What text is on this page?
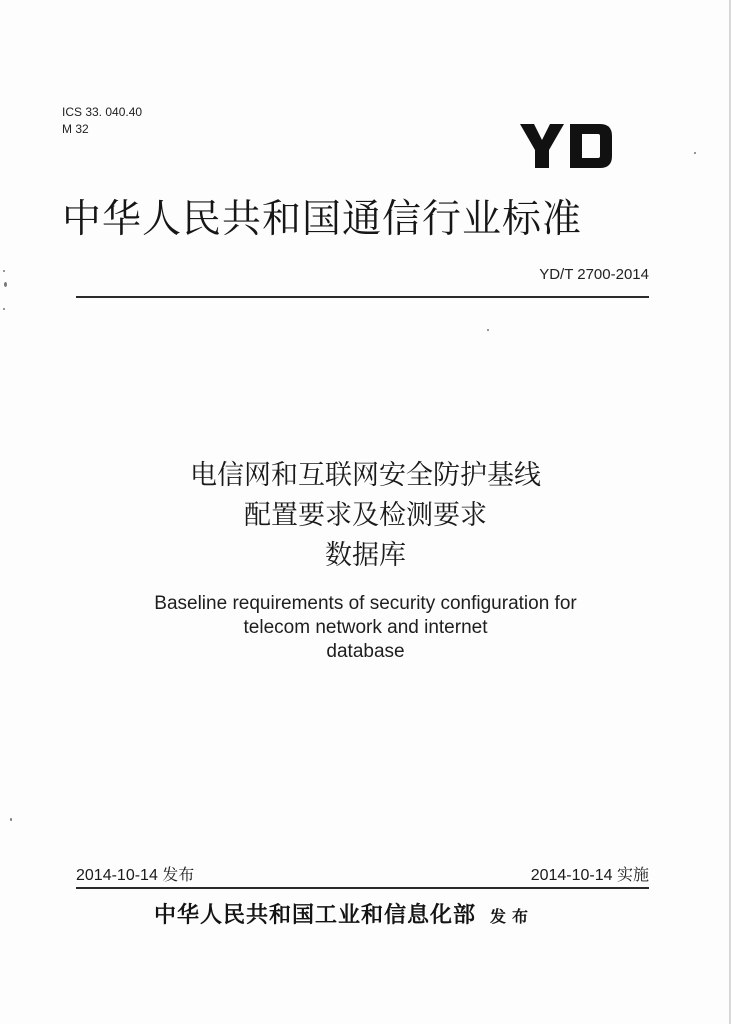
ICS 33. 040.40
M 32
中华人民共和国通信行业标准
YD/T 2700-2014
电信网和互联网安全防护基线
配置要求及检测要求
数据库
Baseline requirements of security configuration for
telecom network and internet
database
2014-10-14 发布	2014-10-14 实施
中华人民共和国工业和信息化部 发布
